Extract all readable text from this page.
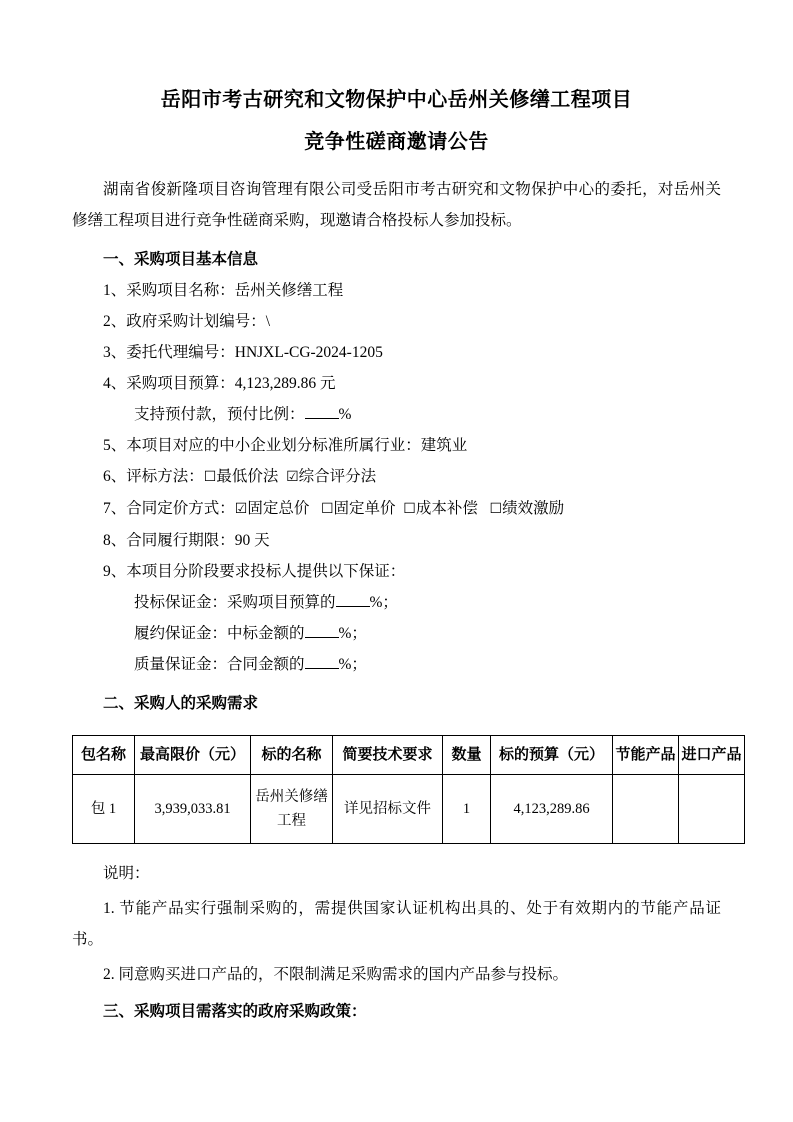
岳阳市考古研究和文物保护中心岳州关修缮工程项目
竞争性磋商邀请公告
湖南省俊新隆项目咨询管理有限公司受岳阳市考古研究和文物保护中心的委托，对岳州关修缮工程项目进行竞争性磋商采购，现邀请合格投标人参加投标。
一、采购项目基本信息
1、采购项目名称：岳州关修缮工程
2、政府采购计划编号：\
3、委托代理编号：HNJXL-CG-2024-1205
4、采购项目预算：4,123,289.86 元
支持预付款，预付比例： %
5、本项目对应的中小企业划分标准所属行业：建筑业
6、评标方法：☐最低价法 ☑综合评分法
7、合同定价方式：☑固定总价 ☐固定单价 ☐成本补偿 ☐绩效激励
8、合同履行期限：90 天
9、本项目分阶段要求投标人提供以下保证：
投标保证金：采购项目预算的 %；
履约保证金：中标金额的 %；
质量保证金：合同金额的 %；
二、采购人的采购需求
包名称	最高限价（元）	标的名称	简要技术要求	数量	标的预算（元）	节能产品	进口产品
包 1	3,939,033.81	岳州关修缮工程	详见招标文件	1	4,123,289.86		
说明：
1. 节能产品实行强制采购的，需提供国家认证机构出具的、处于有效期内的节能产品证书。
2. 同意购买进口产品的，不限制满足采购需求的国内产品参与投标。
三、采购项目需落实的政府采购政策：
